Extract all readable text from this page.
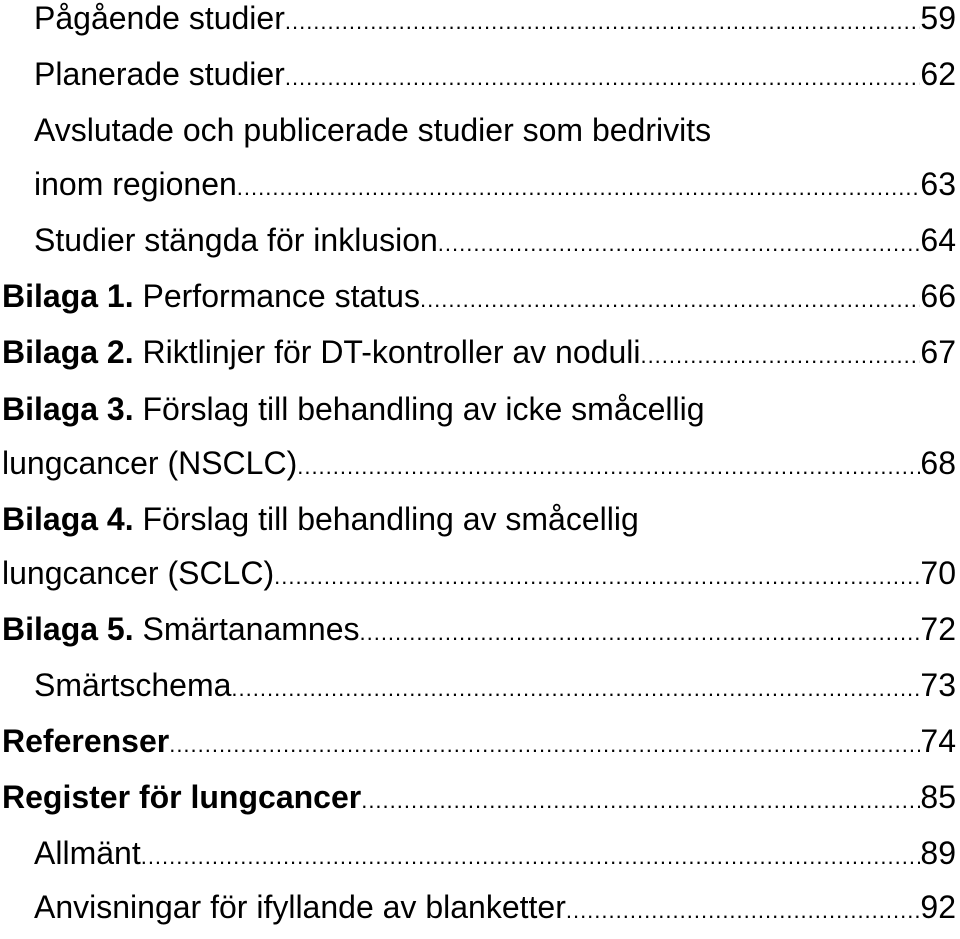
Pågående studier .....	59
Planerade studier .....	62
Avslutade och publicerade studier som bedrivits
inom regionen .....	63
Studier stängda för inklusion .....	64
Bilaga 1. Performance status .....	66
Bilaga 2. Riktlinjer för DT-kontroller av noduli .....	67
Bilaga 3. Förslag till behandling av icke småcellig
lungcancer (NSCLC) .....	68
Bilaga 4. Förslag till behandling av småcellig
lungcancer (SCLC) .....	70
Bilaga 5. Smärtanamnes .....	72
Smärtschema .....	73
Referenser .....	74
Register för lungcancer .....	85
Allmänt .....	89
Anvisningar för ifyllande av blanketter .....	92
